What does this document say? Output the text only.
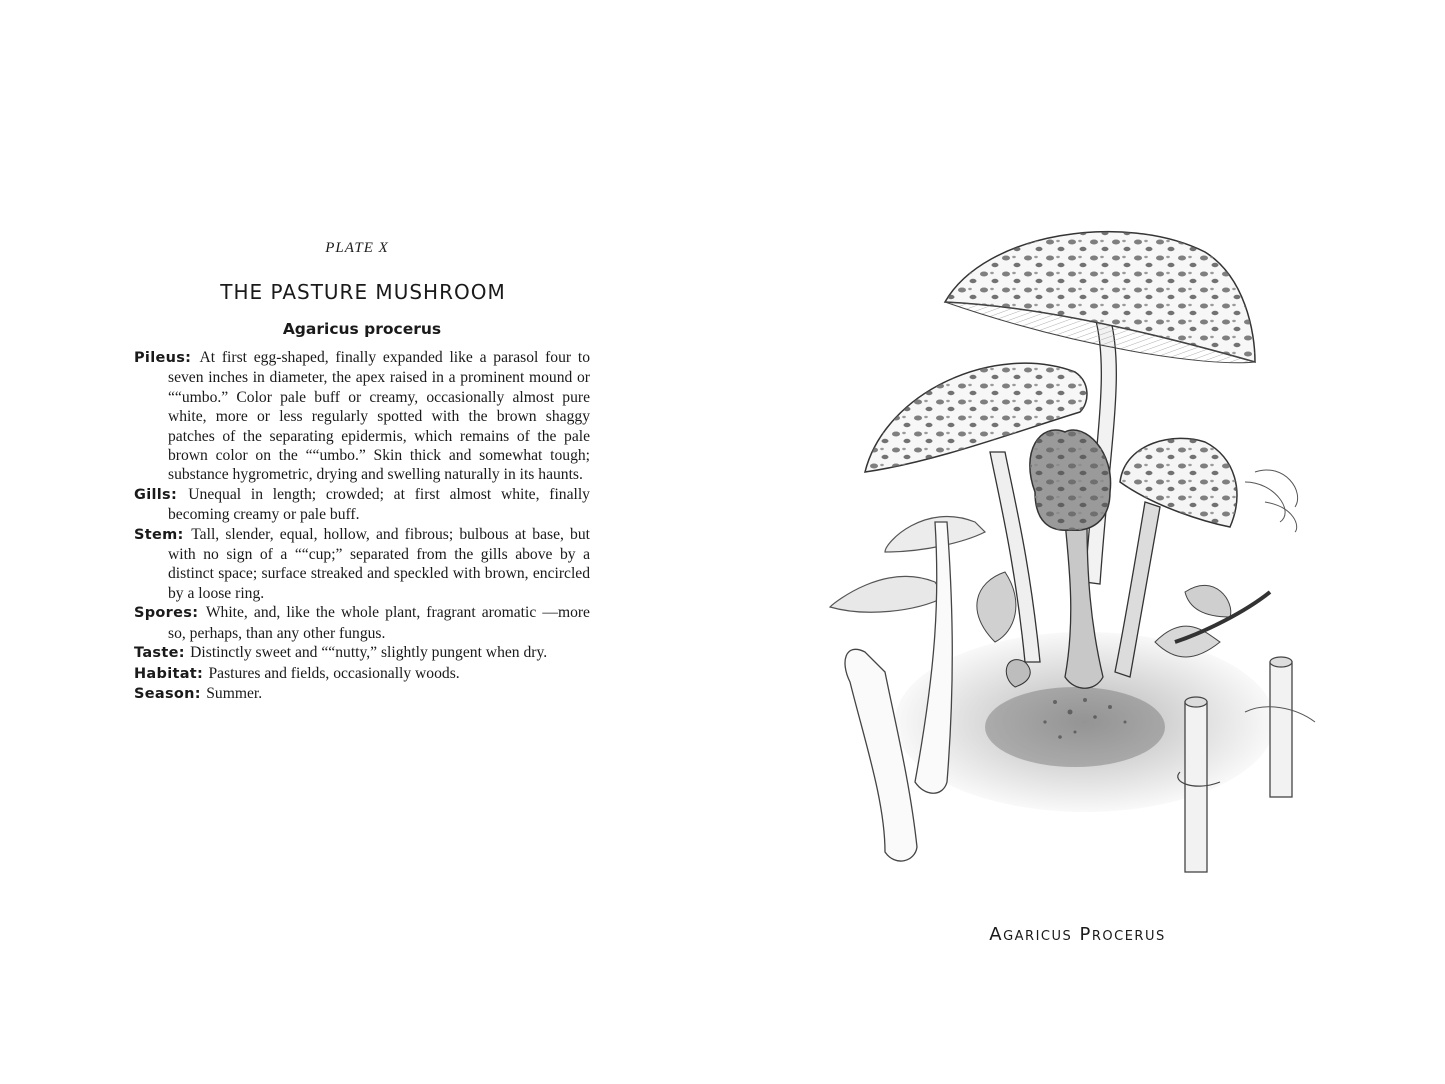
PLATE X
THE PASTURE MUSHROOM
Agaricus procerus

Pileus: At first egg-shaped, finally expanded like a parasol four to seven inches in diameter, the apex raised in a prominent mound or ““umbo.” Color pale buff or creamy, occasionally almost pure white, more or less regularly spotted with the brown shaggy patches of the separating epidermis, which remains of the pale brown color on the ““umbo.” Skin thick and somewhat tough; substance hygrometric, drying and swelling naturally in its haunts.

Gills: Unequal in length; crowded; at first almost white, finally becoming creamy or pale buff.

Stem: Tall, slender, equal, hollow, and fibrous; bulbous at base, but with no sign of a ““cup;” separated from the gills above by a distinct space; surface streaked and speckled with brown, encircled by a loose ring.

Spores: White, and, like the whole plant, fragrant aromatic —more so, perhaps, than any other fungus.

Taste: Distinctly sweet and ““nutty,” slightly pungent when dry.

Habitat: Pastures and fields, occasionally woods.

Season: Summer.

Agaricus Procerus
